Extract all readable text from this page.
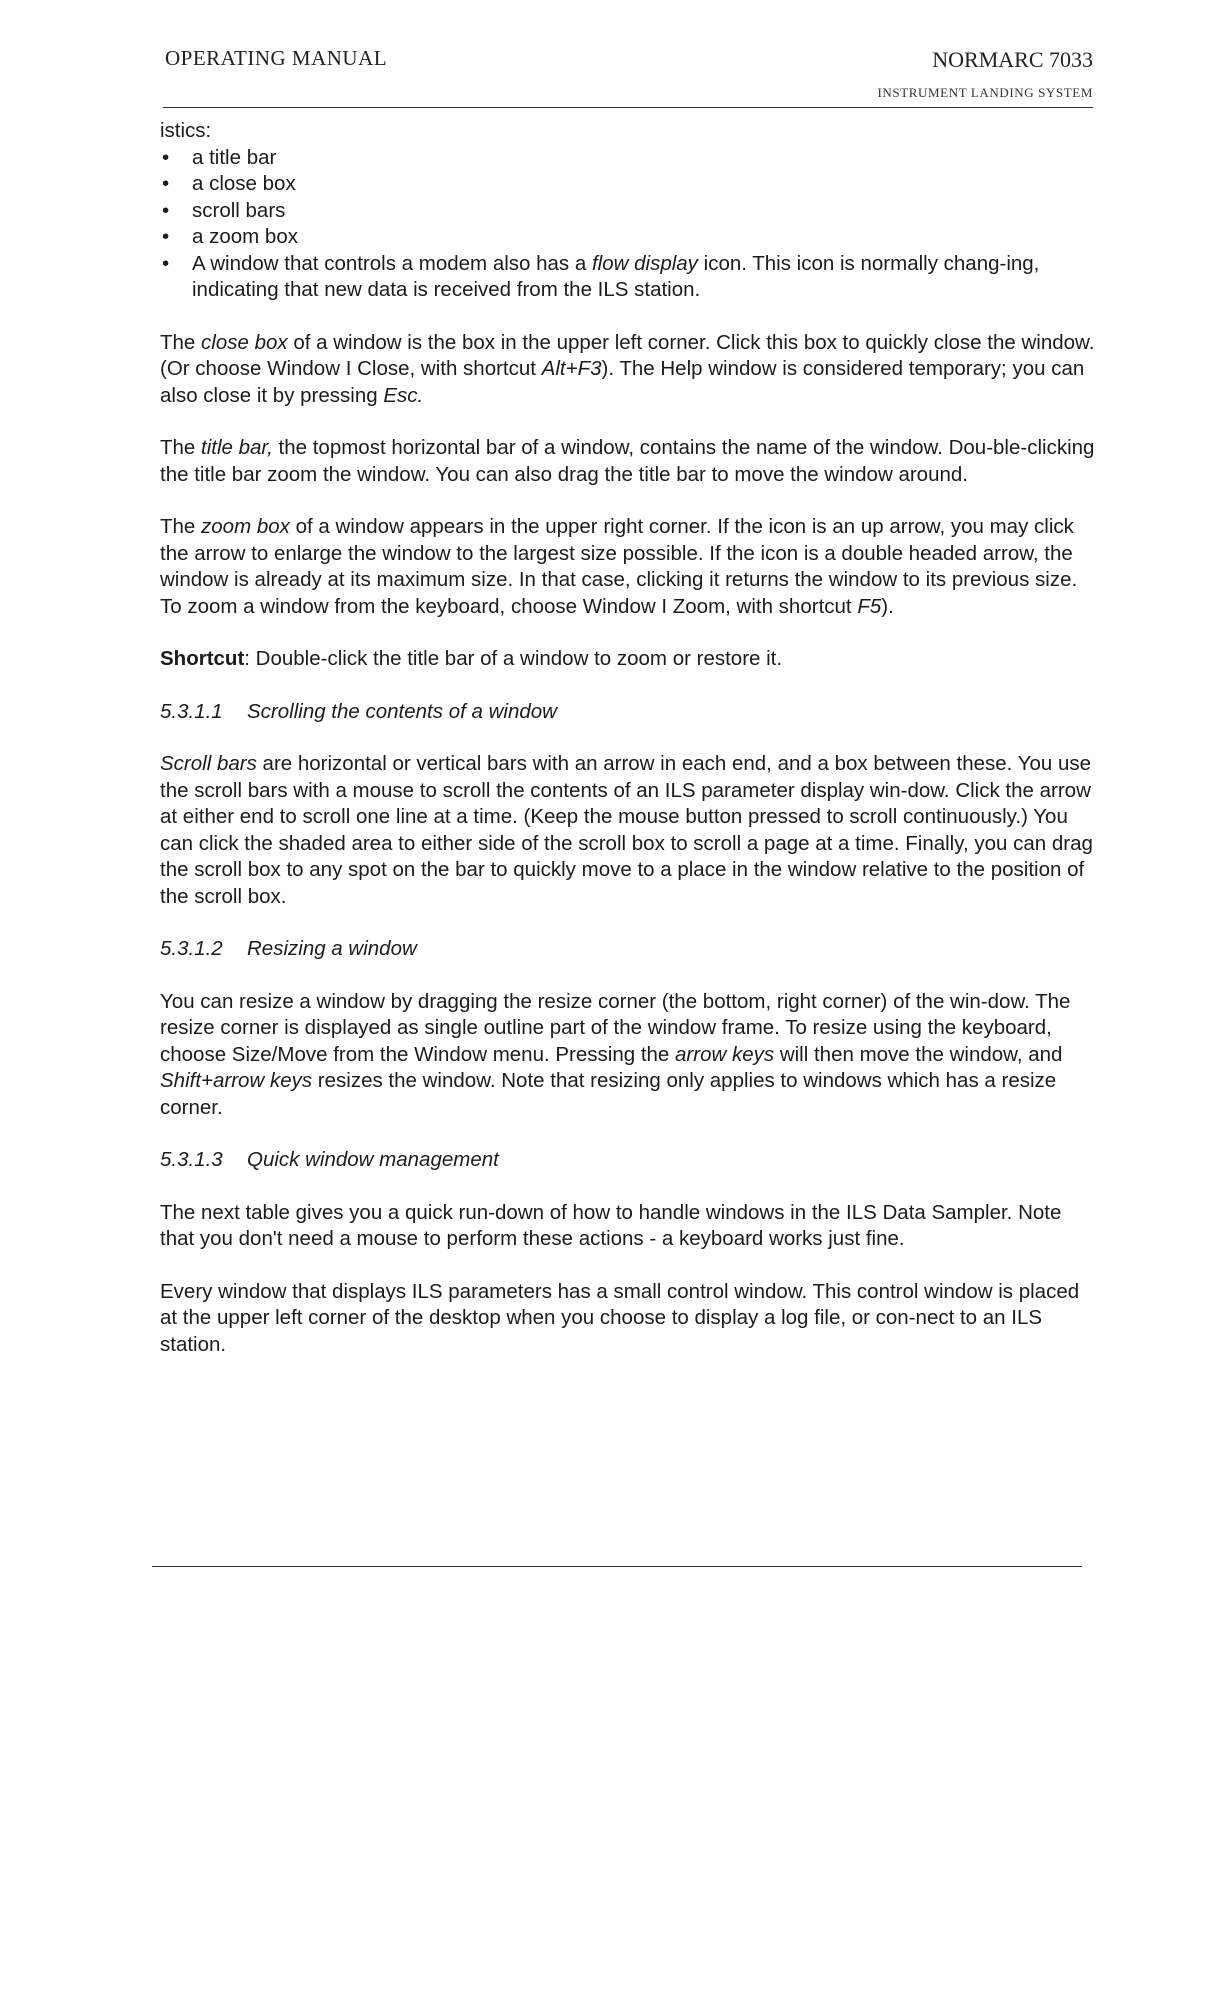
OPERATING MANUAL	NORMARC 7033
INSTRUMENT LANDING SYSTEM

istics:

• a title bar
• a close box
• scroll bars
• a zoom box
• A window that controls a modem also has a flow display icon. This icon is normally chang-ing, indicating that new data is received from the ILS station.

The close box of a window is the box in the upper left corner. Click this box to quickly close the window. (Or choose Window I Close, with shortcut Alt+F3). The Help window is considered temporary; you can also close it by pressing Esc.

The title bar, the topmost horizontal bar of a window, contains the name of the window. Dou-ble-clicking the title bar zoom the window. You can also drag the title bar to move the window around.

The zoom box of a window appears in the upper right corner. If the icon is an up arrow, you may click the arrow to enlarge the window to the largest size possible. If the icon is a double headed arrow, the window is already at its maximum size. In that case, clicking it returns the window to its previous size. To zoom a window from the keyboard, choose Window I Zoom, with shortcut F5).

Shortcut: Double-click the title bar of a window to zoom or restore it.

5.3.1.1 Scrolling the contents of a window

Scroll bars are horizontal or vertical bars with an arrow in each end, and a box between these. You use the scroll bars with a mouse to scroll the contents of an ILS parameter display win-dow. Click the arrow at either end to scroll one line at a time. (Keep the mouse button pressed to scroll continuously.) You can click the shaded area to either side of the scroll box to scroll a page at a time. Finally, you can drag the scroll box to any spot on the bar to quickly move to a place in the window relative to the position of the scroll box.

5.3.1.2 Resizing a window

You can resize a window by dragging the resize corner (the bottom, right corner) of the win-dow. The resize corner is displayed as single outline part of the window frame. To resize using the keyboard, choose Size/Move from the Window menu. Pressing the arrow keys will then move the window, and Shift+arrow keys resizes the window. Note that resizing only applies to windows which has a resize corner.

5.3.1.3 Quick window management

The next table gives you a quick run-down of how to handle windows in the ILS Data Sampler. Note that you don't need a mouse to perform these actions - a keyboard works just fine.

Every window that displays ILS parameters has a small control window. This control window is placed at the upper left corner of the desktop when you choose to display a log file, or con-nect to an ILS station.
